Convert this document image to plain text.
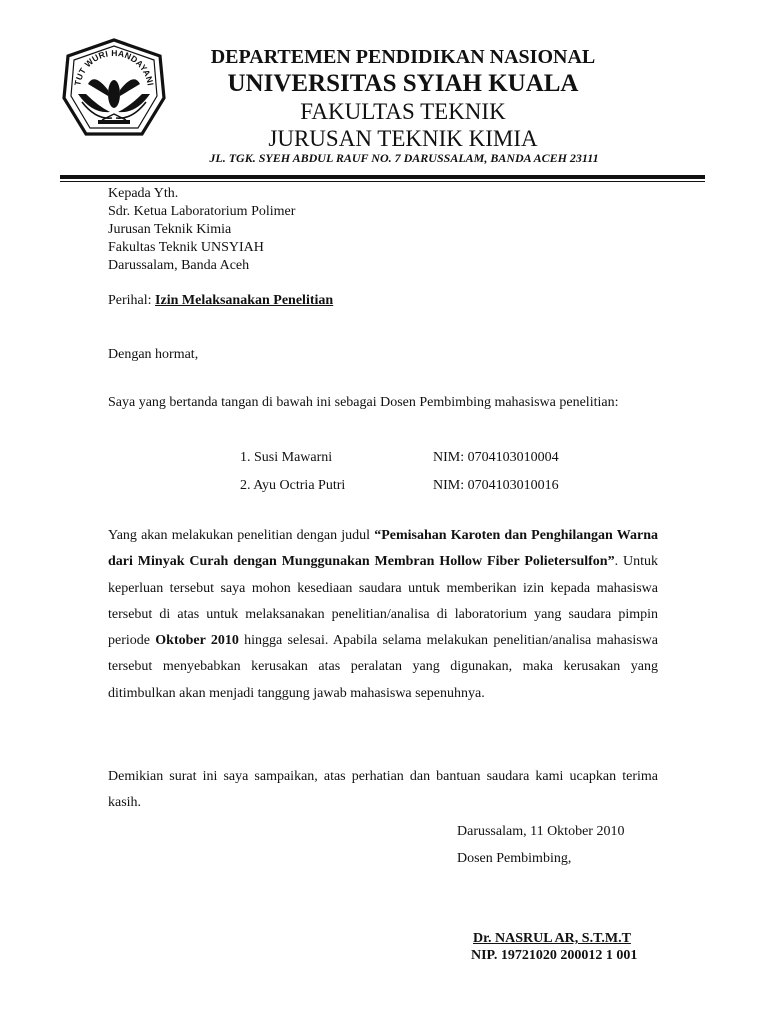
TUT WURI HANDAYANI
DEPARTEMEN PENDIDIKAN NASIONAL
UNIVERSITAS SYIAH KUALA
FAKULTAS TEKNIK
JURUSAN TEKNIK KIMIA
JL. TGK. SYEH ABDUL RAUF NO. 7 DARUSSALAM, BANDA ACEH 23111
Kepada Yth.
Sdr. Ketua Laboratorium Polimer
Jurusan Teknik Kimia
Fakultas Teknik UNSYIAH
Darussalam, Banda Aceh
Perihal: Izin Melaksanakan Penelitian
Dengan hormat,
Saya yang bertanda tangan di bawah ini sebagai Dosen Pembimbing mahasiswa penelitian:
1. Susi Mawarni	NIM: 0704103010004
2. Ayu Octria Putri	NIM: 0704103010016
Yang akan melakukan penelitian dengan judul “Pemisahan Karoten dan Penghilangan Warna dari Minyak Curah dengan Munggunakan Membran Hollow Fiber Polietersulfon”. Untuk keperluan tersebut saya mohon kesediaan saudara untuk memberikan izin kepada mahasiswa tersebut di atas untuk melaksanakan penelitian/analisa di laboratorium yang saudara pimpin periode Oktober 2010 hingga selesai. Apabila selama melakukan penelitian/analisa mahasiswa tersebut menyebabkan kerusakan atas peralatan yang digunakan, maka kerusakan yang ditimbulkan akan menjadi tanggung jawab mahasiswa sepenuhnya.
Demikian surat ini saya sampaikan, atas perhatian dan bantuan saudara kami ucapkan terima kasih.
Darussalam, 11 Oktober 2010
Dosen Pembimbing,
Dr. NASRUL AR, S.T.M.T
NIP. 19721020 200012 1 001
